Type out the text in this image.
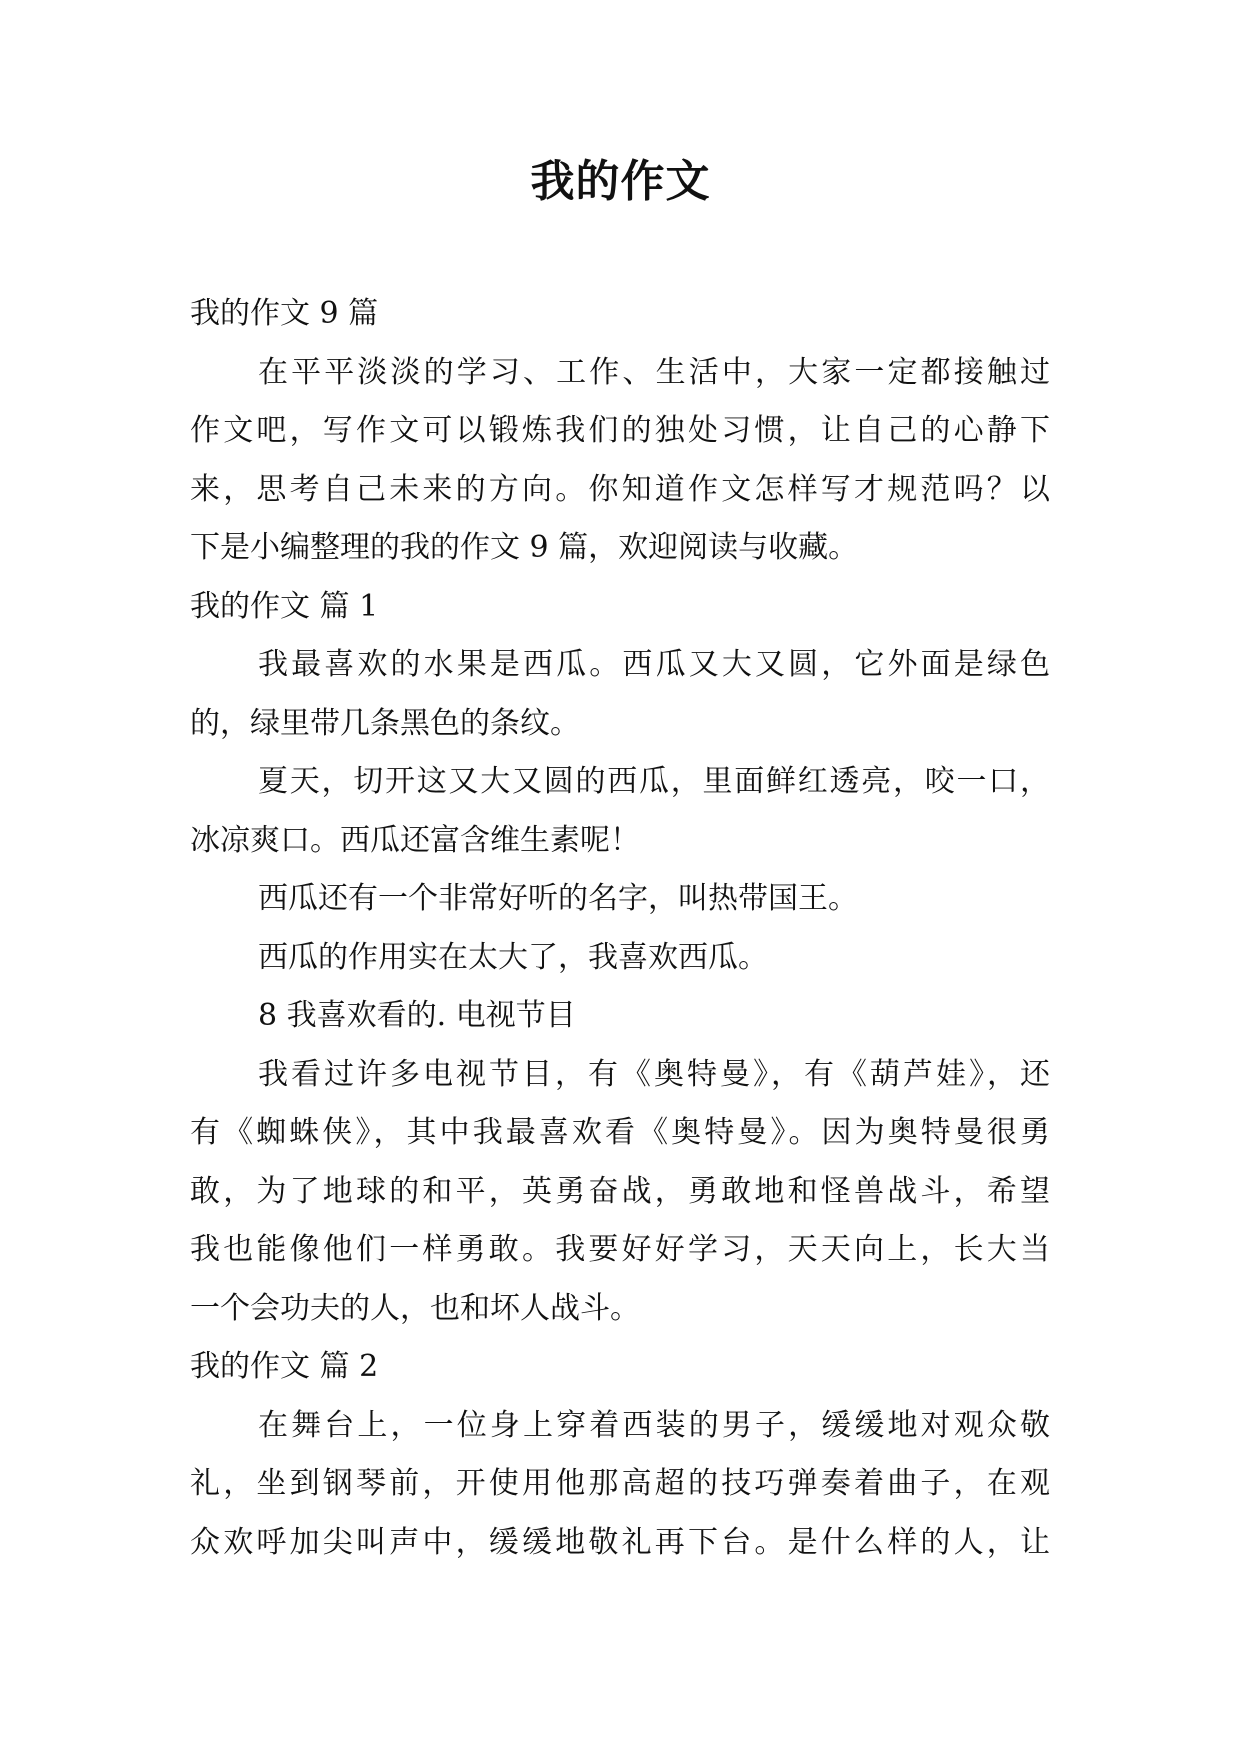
我的作文
我的作文 9 篇
在平平淡淡的学习、工作、生活中，大家一定都接触过
作文吧，写作文可以锻炼我们的独处习惯，让自己的心静下
来，思考自己未来的方向。你知道作文怎样写才规范吗？以
下是小编整理的我的作文 9 篇，欢迎阅读与收藏。
我的作文 篇 1
我最喜欢的水果是西瓜。西瓜又大又圆，它外面是绿色
的，绿里带几条黑色的条纹。
夏天，切开这又大又圆的西瓜，里面鲜红透亮，咬一口，
冰凉爽口。西瓜还富含维生素呢！
西瓜还有一个非常好听的名字，叫热带国王。
西瓜的作用实在太大了，我喜欢西瓜。
8 我喜欢看的. 电视节目
我看过许多电视节目，有《奥特曼》，有《葫芦娃》，还
有《蜘蛛侠》，其中我最喜欢看《奥特曼》。因为奥特曼很勇
敢，为了地球的和平，英勇奋战，勇敢地和怪兽战斗，希望
我也能像他们一样勇敢。我要好好学习，天天向上，长大当
一个会功夫的人，也和坏人战斗。
我的作文 篇 2
在舞台上，一位身上穿着西装的男子，缓缓地对观众敬
礼，坐到钢琴前，开使用他那高超的技巧弹奏着曲子，在观
众欢呼加尖叫声中，缓缓地敬礼再下台。是什么样的人，让
